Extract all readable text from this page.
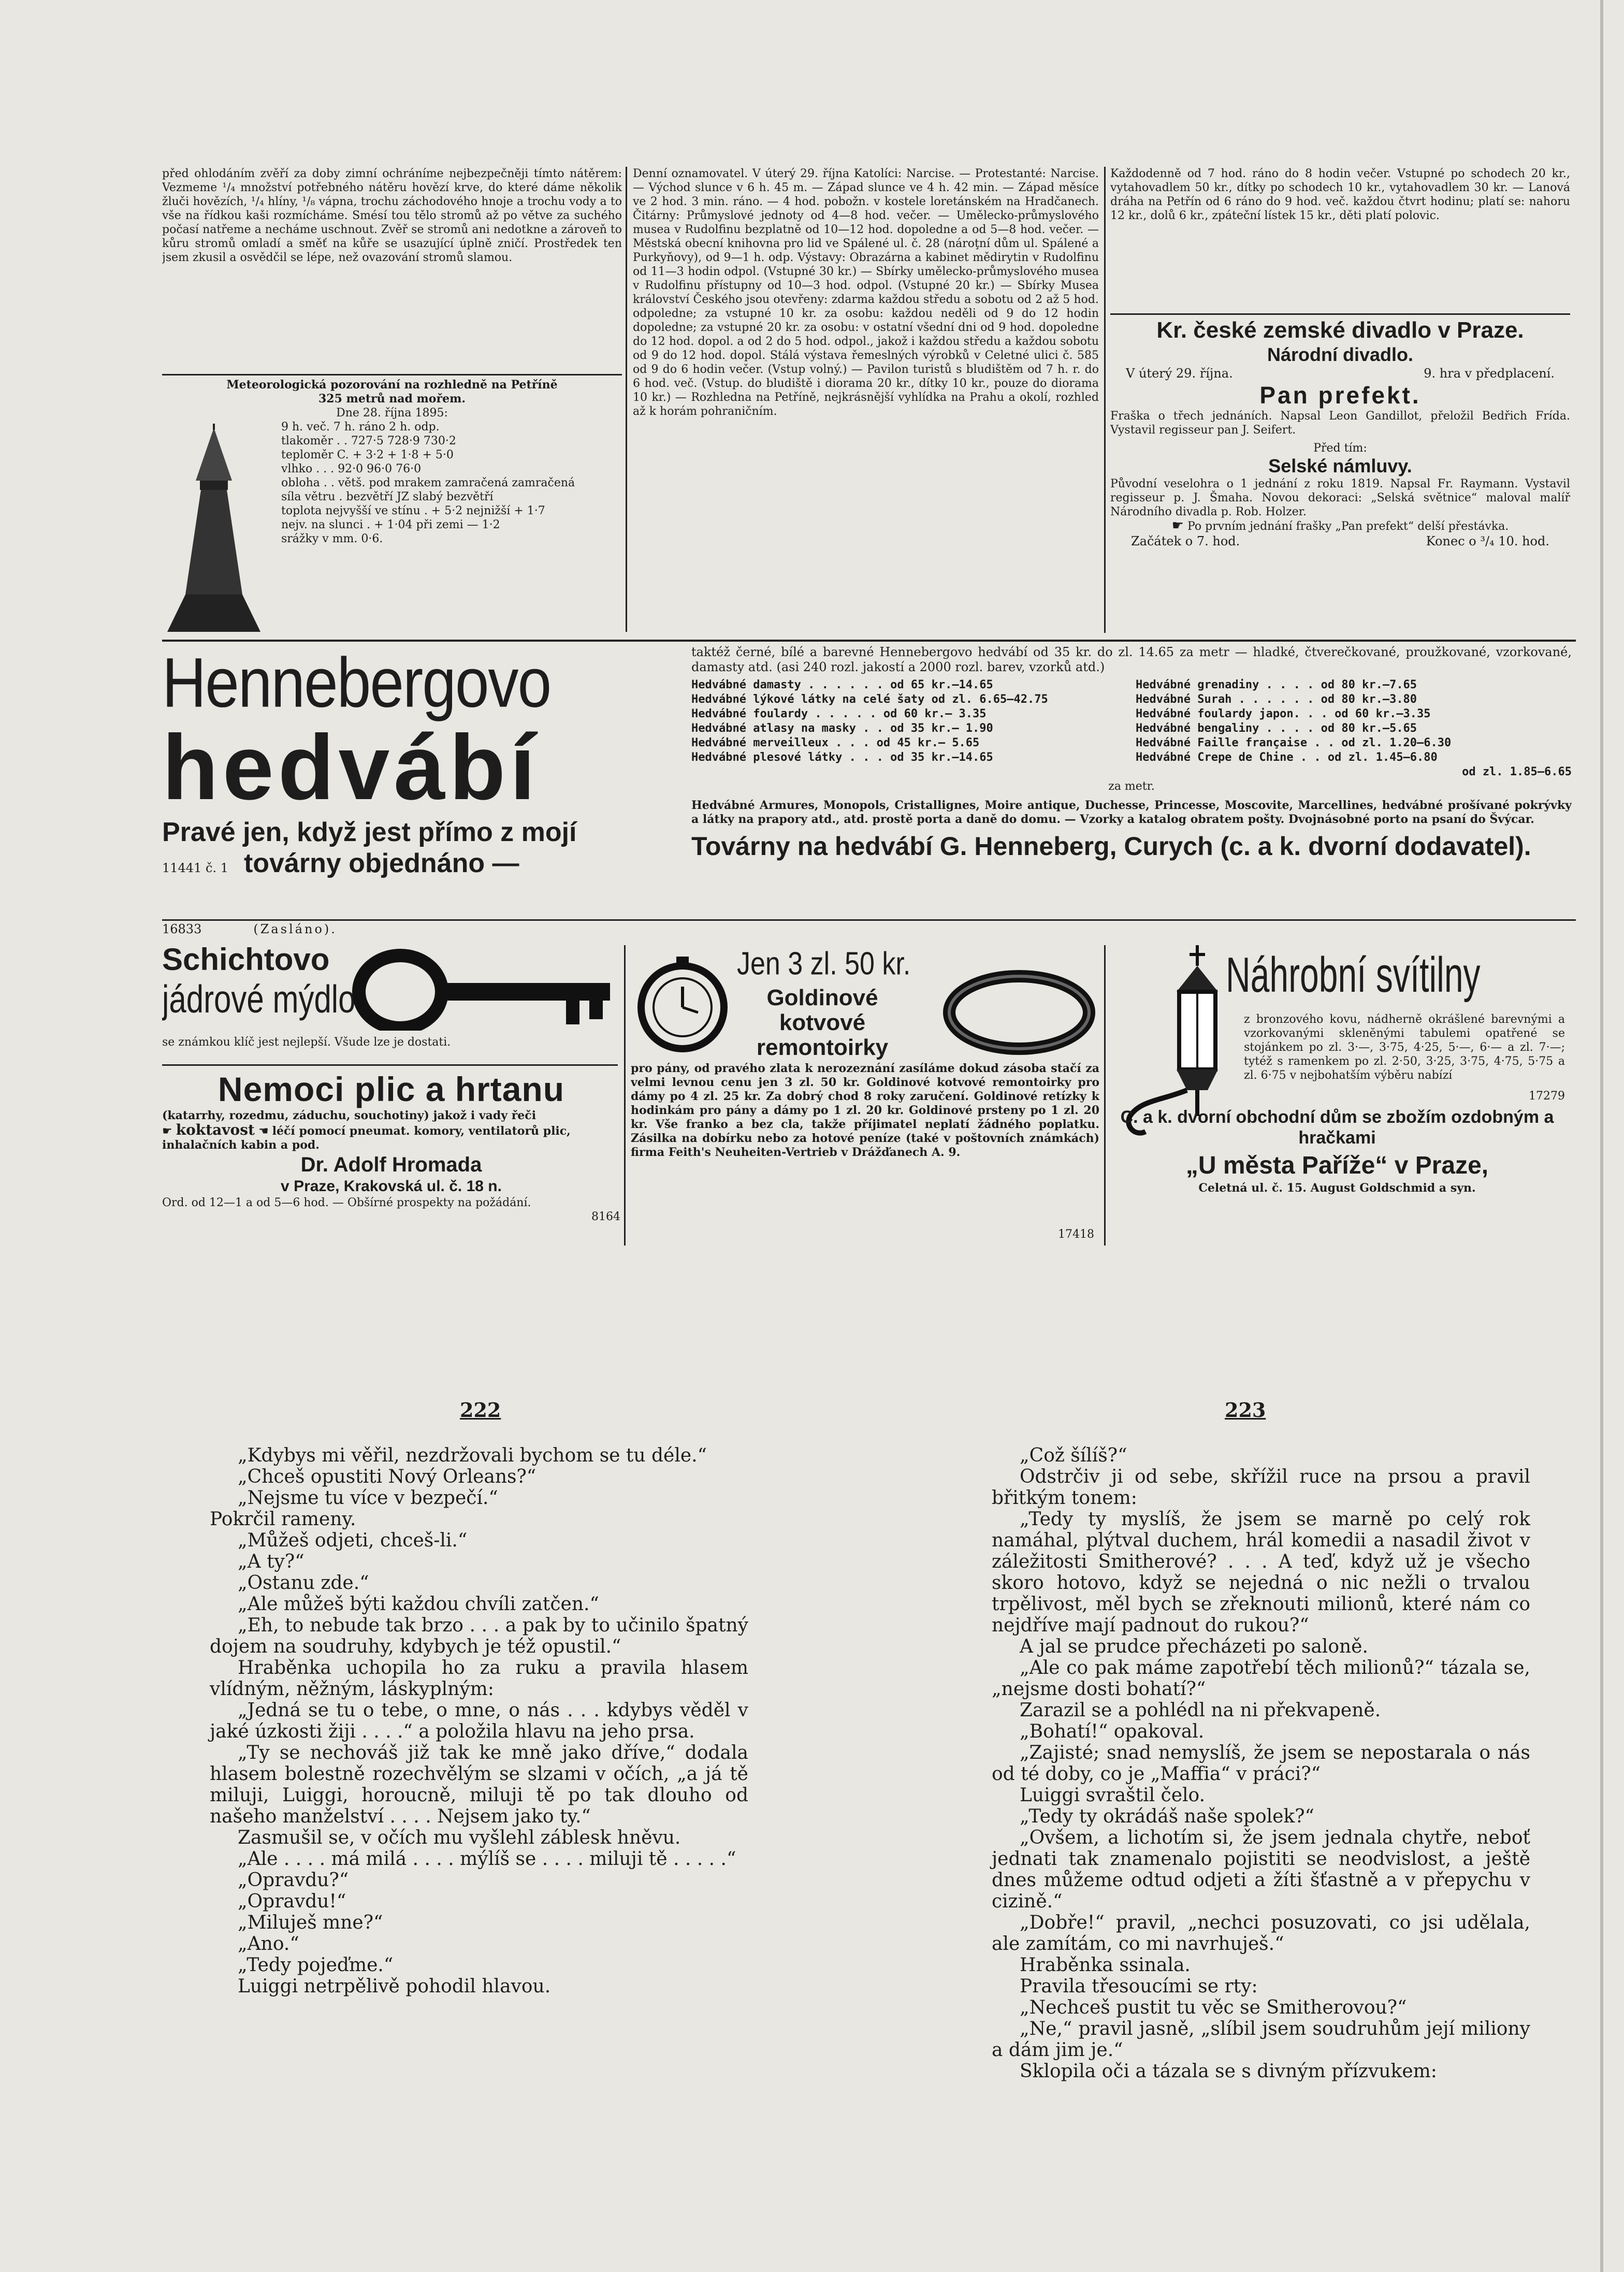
před ohlodáním zvěří za doby zimní ochráníme nejbezpečněji tímto nátěrem: Vezmeme ¹/₄ množství potřebného nátěru hovězí krve, do které dáme několik žluči hovězích, ¹/₄ hlíny, ¹/₈ vápna, trochu záchodového hnoje a trochu vody a to vše na řídkou kaši rozmícháme. Smésí tou tělo stromů až po větve za suchého počasí natřeme a necháme uschnout. Zvěř se stromů ani nedotkne a zároveň to kůru stromů omladí a směť na kůře se usazující úplně zničí. Prostředek ten jsem zkusil a osvědčil se lépe, než ovazování stromů slamou.

Meteorologická pozorování na rozhledně na Petříně
325 metrů nad mořem.
Dne 28. října 1895:
9 h. več. 7 h. ráno 2 h. odp.
tlakoměr . . 727·5 728·9 730·2
teploměr C. + 3·2 + 1·8 + 5·0
vlhko . . . 92·0 96·0 76·0
obloha . . větš. pod mrakem zamračená zamračená
síla větru . bezvětří JZ slabý bezvětří
toplota nejvyšší ve stínu . + 5·2 nejnižší + 1·7
nejv. na slunci . + 1·04 při zemi — 1·2
srážky v mm. 0·6.

Denní oznamovatel. V úterý 29. října Katolíci: Narcise. — Protestanté: Narcise. — Východ slunce v 6 h. 45 m. — Západ slunce ve 4 h. 42 min. — Západ měsíce ve 2 hod. 3 min. ráno. — 4 hod. pobožn. v kostele loretánském na Hradčanech. Čitárny: Průmyslové jednoty od 4—8 hod. večer. — Umělecko-průmyslového musea v Rudolfinu bezplatně od 10—12 hod. dopoledne a od 5—8 hod. večer. — Městská obecní knihovna pro lid ve Spálené ul. č. 28 (nároţní dům ul. Spálené a Purkyňovy), od 9—1 h. odp. Výstavy: Obrazárna a kabinet mědirytin v Rudolfinu od 11—3 hodin odpol. (Vstupné 30 kr.) — Sbírky umělecko-průmyslového musea v Rudolfinu přístupny od 10—3 hod. odpol. (Vstupné 20 kr.) — Sbírky Musea království Českého jsou otevřeny: zdarma každou středu a sobotu od 2 až 5 hod. odpoledne; za vstupné 10 kr. za osobu: každou neděli od 9 do 12 hodin dopoledne; za vstupné 20 kr. za osobu: v ostatní všední dni od 9 hod. dopoledne do 12 hod. dopol. a od 2 do 5 hod. odpol., jakož i každou středu a každou sobotu od 9 do 12 hod. dopol. Stálá výstava řemeslných výrobků v Celetné ulici č. 585 od 9 do 6 hodin večer. (Vstup volný.) — Pavilon turistů s bludištěm od 7 h. r. do 6 hod. več. (Vstup. do bludiště i diorama 20 kr., dítky 10 kr., pouze do diorama 10 kr.) — Rozhledna na Petříně, nejkrásnější vyhlídka na Prahu a okolí, rozhled až k horám pohraničním.

Každodenně od 7 hod. ráno do 8 hodin večer. Vstupné po schodech 20 kr., vytahovadlem 50 kr., dítky po schodech 10 kr., vytahovadlem 30 kr. — Lanová dráha na Petřín od 6 ráno do 9 hod. več. každou čtvrt hodinu; platí se: nahoru 12 kr., dolů 6 kr., zpáteční lístek 15 kr., děti platí polovic.

Kr. české zemské divadlo v Praze.
Národní divadlo.
V úterý 29. října.	9. hra v předplacení.
Pan prefekt.
Fraška o třech jednáních. Napsal Leon Gandillot, přeložil Bedřich Frída. Vystavil regisseur pan J. Seifert.
Před tím:
Selské námluvy.
Původní veselohra o 1 jednání z roku 1819. Napsal Fr. Raymann. Vystavil regisseur p. J. Šmaha. Novou dekoraci: „Selská světnice“ maloval malíř Národního divadla p. Rob. Holzer.
☛ Po prvním jednání frašky „Pan prefekt“ delší přestávka.
Začátek o 7. hod.	Konec o ³/₄ 10. hod.
Hennebergovo
hedvábí
Pravé jen, když jest přímo z mojí
11441 č. 1 továrny objednáno —
taktéž černé, bílé a barevné Hennebergovo hedvábí od 35 kr. do zl. 14.65 za metr — hladké, čtverečkované, proužkované, vzorkované, damasty atd. (asi 240 rozl. jakostí a 2000 rozl. barev, vzorků atd.)
Hedvábné damasty . . . . . . od 65 kr.—14.65
Hedvábné lýkové látky na celé šaty od zl. 6.65—42.75
Hedvábné foulardy . . . . . od 60 kr.— 3.35
Hedvábné atlasy na masky . . od 35 kr.— 1.90
Hedvábné merveilleux . . . od 45 kr.— 5.65
Hedvábné plesové látky . . . od 35 kr.—14.65
Hedvábné grenadiny . . . . od 80 kr.—7.65
Hedvábné Surah . . . . . . od 80 kr.—3.80
Hedvábné foulardy japon. . . od 60 kr.—3.35
Hedvábné bengaliny . . . . od 80 kr.—5.65
Hedvábné Faille française . . od zl. 1.20—6.30
Hedvábné Crepe de Chine . . od zl. 1.45—6.80
od zl. 1.85—6.65
za metr.
Hedvábné Armures, Monopols, Cristallignes, Moire antique, Duchesse, Princesse, Moscovite, Marcellines, hedvábné prošívané pokrývky a látky na prapory atd., atd. prostě porta a daně do domu. — Vzorky a katalog obratem pošty. Dvojnásobné porto na psaní do Švýcar.
Továrny na hedvábí G. Henneberg, Curych (c. a k. dvorní dodavatel).
16833	(Zasláno).
Schichtovo
jádrové mýdlo
se známkou klíč jest nejlepší. Všude lze je dostati.
Nemoci plic a hrtanu
(katarrhy, rozedmu, záduchu, souchotiny) jakož i vady řeči
☛ koktavost ☚ léčí pomocí pneumat. komory, ventilatorů plic, inhalačních kabin a pod.
Dr. Adolf Hromada
v Praze, Krakovská ul. č. 18 n.
Ord. od 12—1 a od 5—6 hod. — Obšírné prospekty na požádání.
8164
Jen 3 zl. 50 kr.
Goldinové
kotvové remontoirky
pro pány, od pravého zlata k nerozeznání zasíláme dokud zásoba stačí za velmi levnou cenu jen 3 zl. 50 kr. Goldinové kotvové remontoirky pro dámy po 4 zl. 25 kr. Za dobrý chod 8 roky zaručení. Goldinové retízky k hodinkám pro pány a dámy po 1 zl. 20 kr. Goldinové prsteny po 1 zl. 20 kr. Vše franko a bez cla, takže příjimatel neplatí žádného poplatku. Zásilka na dobírku nebo za hotové peníze (také v poštovních známkách) firma Feith's Neuheiten-Vertrieb v Drážďanech A. 9.
17418
Náhrobní svítilny
z bronzového kovu, nádherně okrášlené barevnými a vzorkovanými sklenĕnými tabulemi opatřené se stojánkem po zl. 3·—, 3·75, 4·25, 5·—, 6·— a zl. 7·—; tytéž s ramenkem po zl. 2·50, 3·25, 3·75, 4·75, 5·75 a zl. 6·75 v nejbohatším výběru nabízí
17279
C. a k. dvorní obchodní dům se zbožím ozdobným a hračkami
„U města Paříže“ v Praze,
Celetná ul. č. 15. August Goldschmid a syn.
222	223

„Kdybys mi věřil, nezdržovali bychom se tu déle.“

„Chceš opustiti Nový Orleans?“

„Nejsme tu více v bezpečí.“

Pokrčil rameny.

„Můžeš odjeti, chceš-li.“

„A ty?“

„Ostanu zde.“

„Ale můžeš býti každou chvíli zatčen.“

„Eh, to nebude tak brzo . . . a pak by to učinilo špatný dojem na soudruhy, kdybych je též opustil.“

Hraběnka uchopila ho za ruku a pravila hlasem vlídným, něžným, láskyplným:

„Jedná se tu o tebe, o mne, o nás . . . kdybys věděl v jaké úzkosti žiji . . . .“ a položila hlavu na jeho prsa.

„Ty se nechováš již tak ke mně jako dříve,“ dodala hlasem bolestně rozechvělým se slzami v očích, „a já tě miluji, Luiggi, horoucně, miluji tě po tak dlouho od našeho manželství . . . . Nejsem jako ty.“

Zasmušil se, v očích mu vyšlehl záblesk hněvu.

„Ale . . . . má milá . . . . mýlíš se . . . . miluji tě . . . . .“

„Opravdu?“

„Opravdu!“

„Miluješ mne?“

„Ano.“

„Tedy pojeďme.“

Luiggi netrpělivě pohodil hlavou.

„Což šílíš?“

Odstrčiv ji od sebe, skřížil ruce na prsou a pravil břitkým tonem:

„Tedy ty myslíš, že jsem se marně po celý rok namáhal, plýtval duchem, hrál komedii a nasadil život v záležitosti Smitherové? . . . A teď, když už je všecho skoro hotovo, když se nejedná o nic nežli o trvalou trpělivost, měl bych se zřeknouti milionů, které nám co nejdříve mají padnout do rukou?“

A jal se prudce přecházeti po saloně.

„Ale co pak máme zapotřebí těch milionů?“ tázala se, „nejsme dosti bohatí?“

Zarazil se a pohlédl na ni překvapeně.

„Bohatí!“ opakoval.

„Zajisté; snad nemyslíš, že jsem se nepostarala o nás od té doby, co je „Maffia“ v práci?“

Luiggi svraštil čelo.

„Tedy ty okrádáš naše spolek?“

„Ovšem, a lichotím si, že jsem jednala chytře, neboť jednati tak znamenalo pojistiti se neodvislost, a ještě dnes můžeme odtud odjeti a žíti šťastně a v přepychu v cizině.“

„Dobře!“ pravil, „nechci posuzovati, co jsi udělala, ale zamítám, co mi navrhuješ.“

Hraběnka ssinala.

Pravila třesoucími se rty:

„Nechceš pustit tu věc se Smitherovou?“

„Ne,“ pravil jasně, „slíbil jsem soudruhům její miliony a dám jim je.“

Sklopila oči a tázala se s divným přízvukem:
